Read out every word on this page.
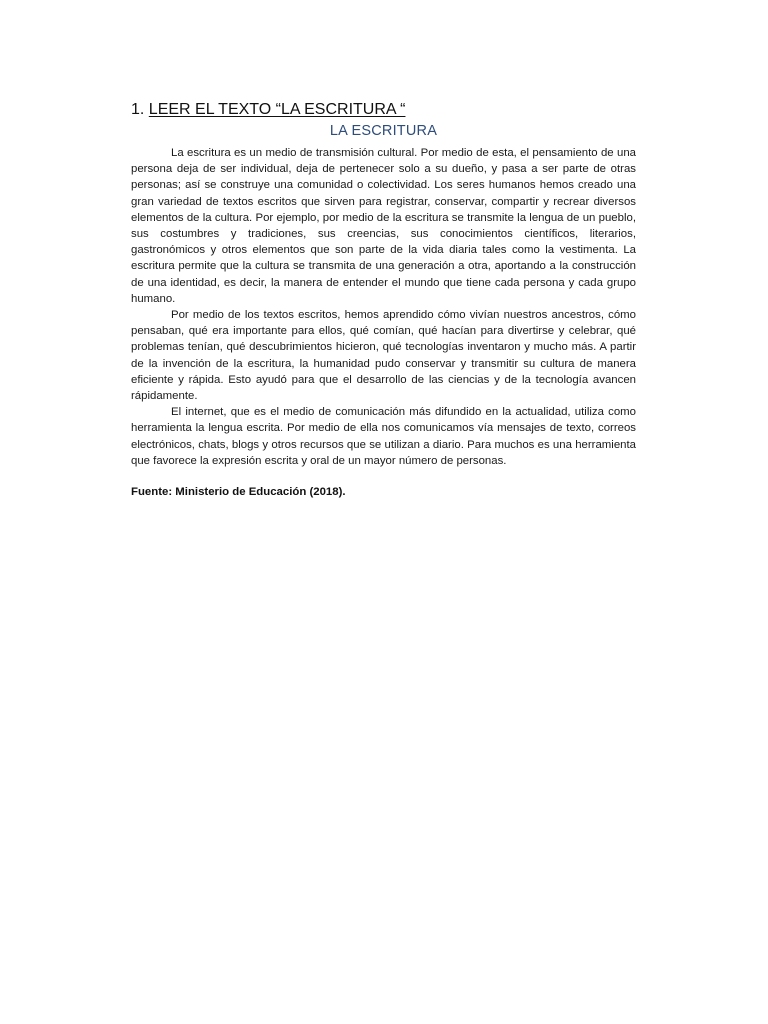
1. LEER EL TEXTO “LA ESCRITURA “
LA ESCRITURA

La escritura es un medio de transmisión cultural. Por medio de esta, el pensamiento de una persona deja de ser individual, deja de pertenecer solo a su dueño, y pasa a ser parte de otras personas; así se construye una comunidad o colectividad. Los seres humanos hemos creado una gran variedad de textos escritos que sirven para registrar, conservar, compartir y recrear diversos elementos de la cultura. Por ejemplo, por medio de la escritura se transmite la lengua de un pueblo, sus costumbres y tradiciones, sus creencias, sus conocimientos científicos, literarios, gastronómicos y otros elementos que son parte de la vida diaria tales como la vestimenta. La escritura permite que la cultura se transmita de una generación a otra, aportando a la construcción de una identidad, es decir, la manera de entender el mundo que tiene cada persona y cada grupo humano.

Por medio de los textos escritos, hemos aprendido cómo vivían nuestros ancestros, cómo pensaban, qué era importante para ellos, qué comían, qué hacían para divertirse y celebrar, qué problemas tenían, qué descubrimientos hicieron, qué tecnologías inventaron y mucho más. A partir de la invención de la escritura, la humanidad pudo conservar y transmitir su cultura de manera eficiente y rápida. Esto ayudó para que el desarrollo de las ciencias y de la tecnología avancen rápidamente.

El internet, que es el medio de comunicación más difundido en la actualidad, utiliza como herramienta la lengua escrita. Por medio de ella nos comunicamos vía mensajes de texto, correos electrónicos, chats, blogs y otros recursos que se utilizan a diario. Para muchos es una herramienta que favorece la expresión escrita y oral de un mayor número de personas.

Fuente: Ministerio de Educación (2018).
